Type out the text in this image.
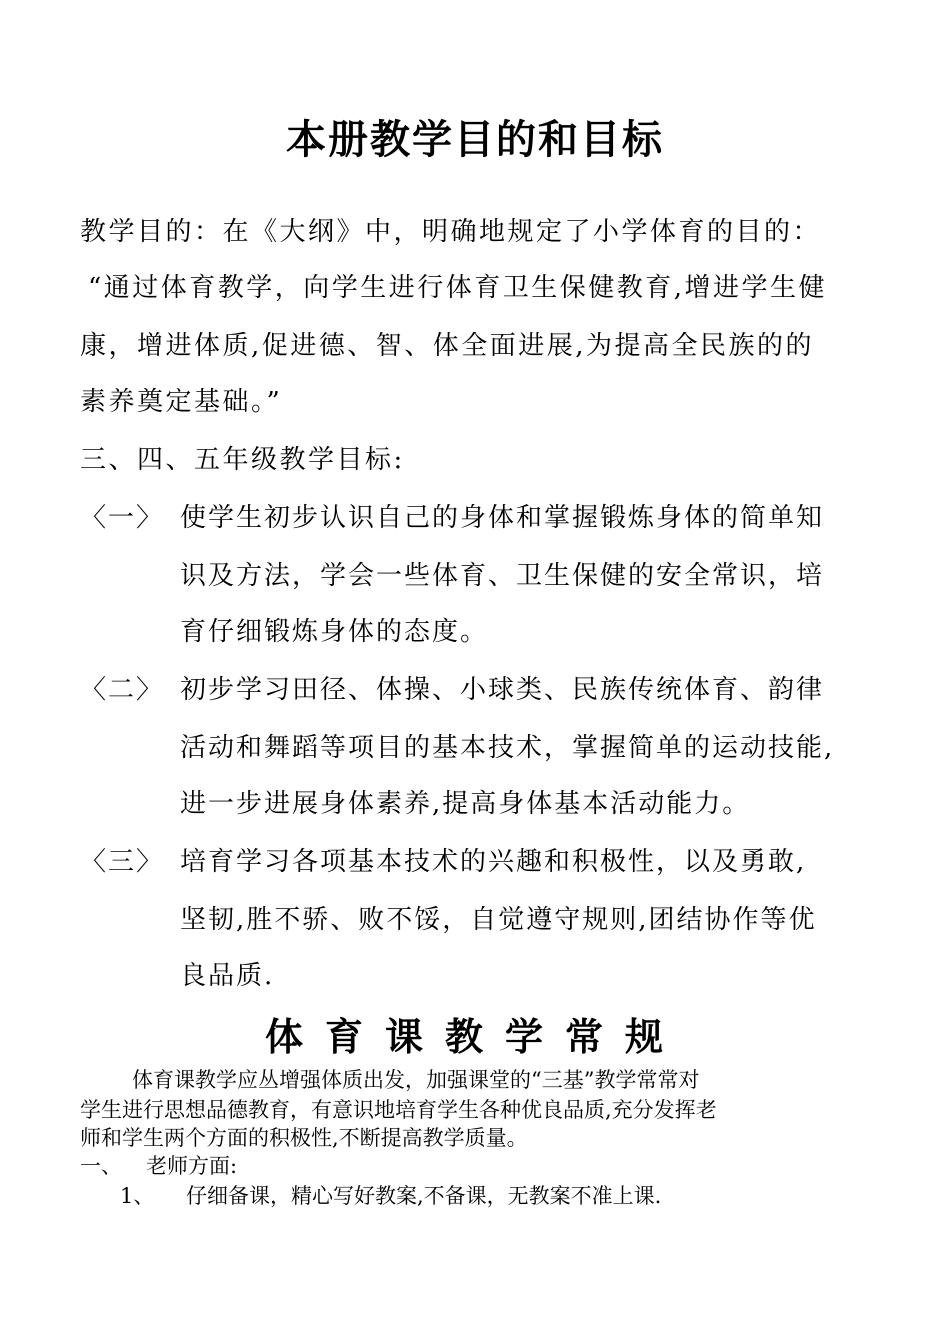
本册教学目的和目标
教学目的：在《大纲》中，明确地规定了小学体育的目的：
“通过体育教学，向学生进行体育卫生保健教育,增进学生健
康，增进体质,促进德、智、体全面进展,为提高全民族的的
素养奠定基础。”
三、四、五年级教学目标:
〈一〉 使学生初步认识自己的身体和掌握锻炼身体的简单知
识及方法，学会一些体育、卫生保健的安全常识，培
育仔细锻炼身体的态度。
〈二〉 初步学习田径、体操、小球类、民族传统体育、韵律
活动和舞蹈等项目的基本技术，掌握简单的运动技能,
进一步进展身体素养,提高身体基本活动能力。
〈三〉 培育学习各项基本技术的兴趣和积极性，以及勇敢,
坚韧,胜不骄、败不馁，自觉遵守规则,团结协作等优
良品质.
体育课教学常规
体育课教学应丛增强体质出发，加强课堂的“三基”教学常常对
学生进行思想品德教育，有意识地培育学生各种优良品质,充分发挥老
师和学生两个方面的积极性,不断提高教学质量。
一、 老师方面:
1、 仔细备课，精心写好教案,不备课，无教案不准上课.
